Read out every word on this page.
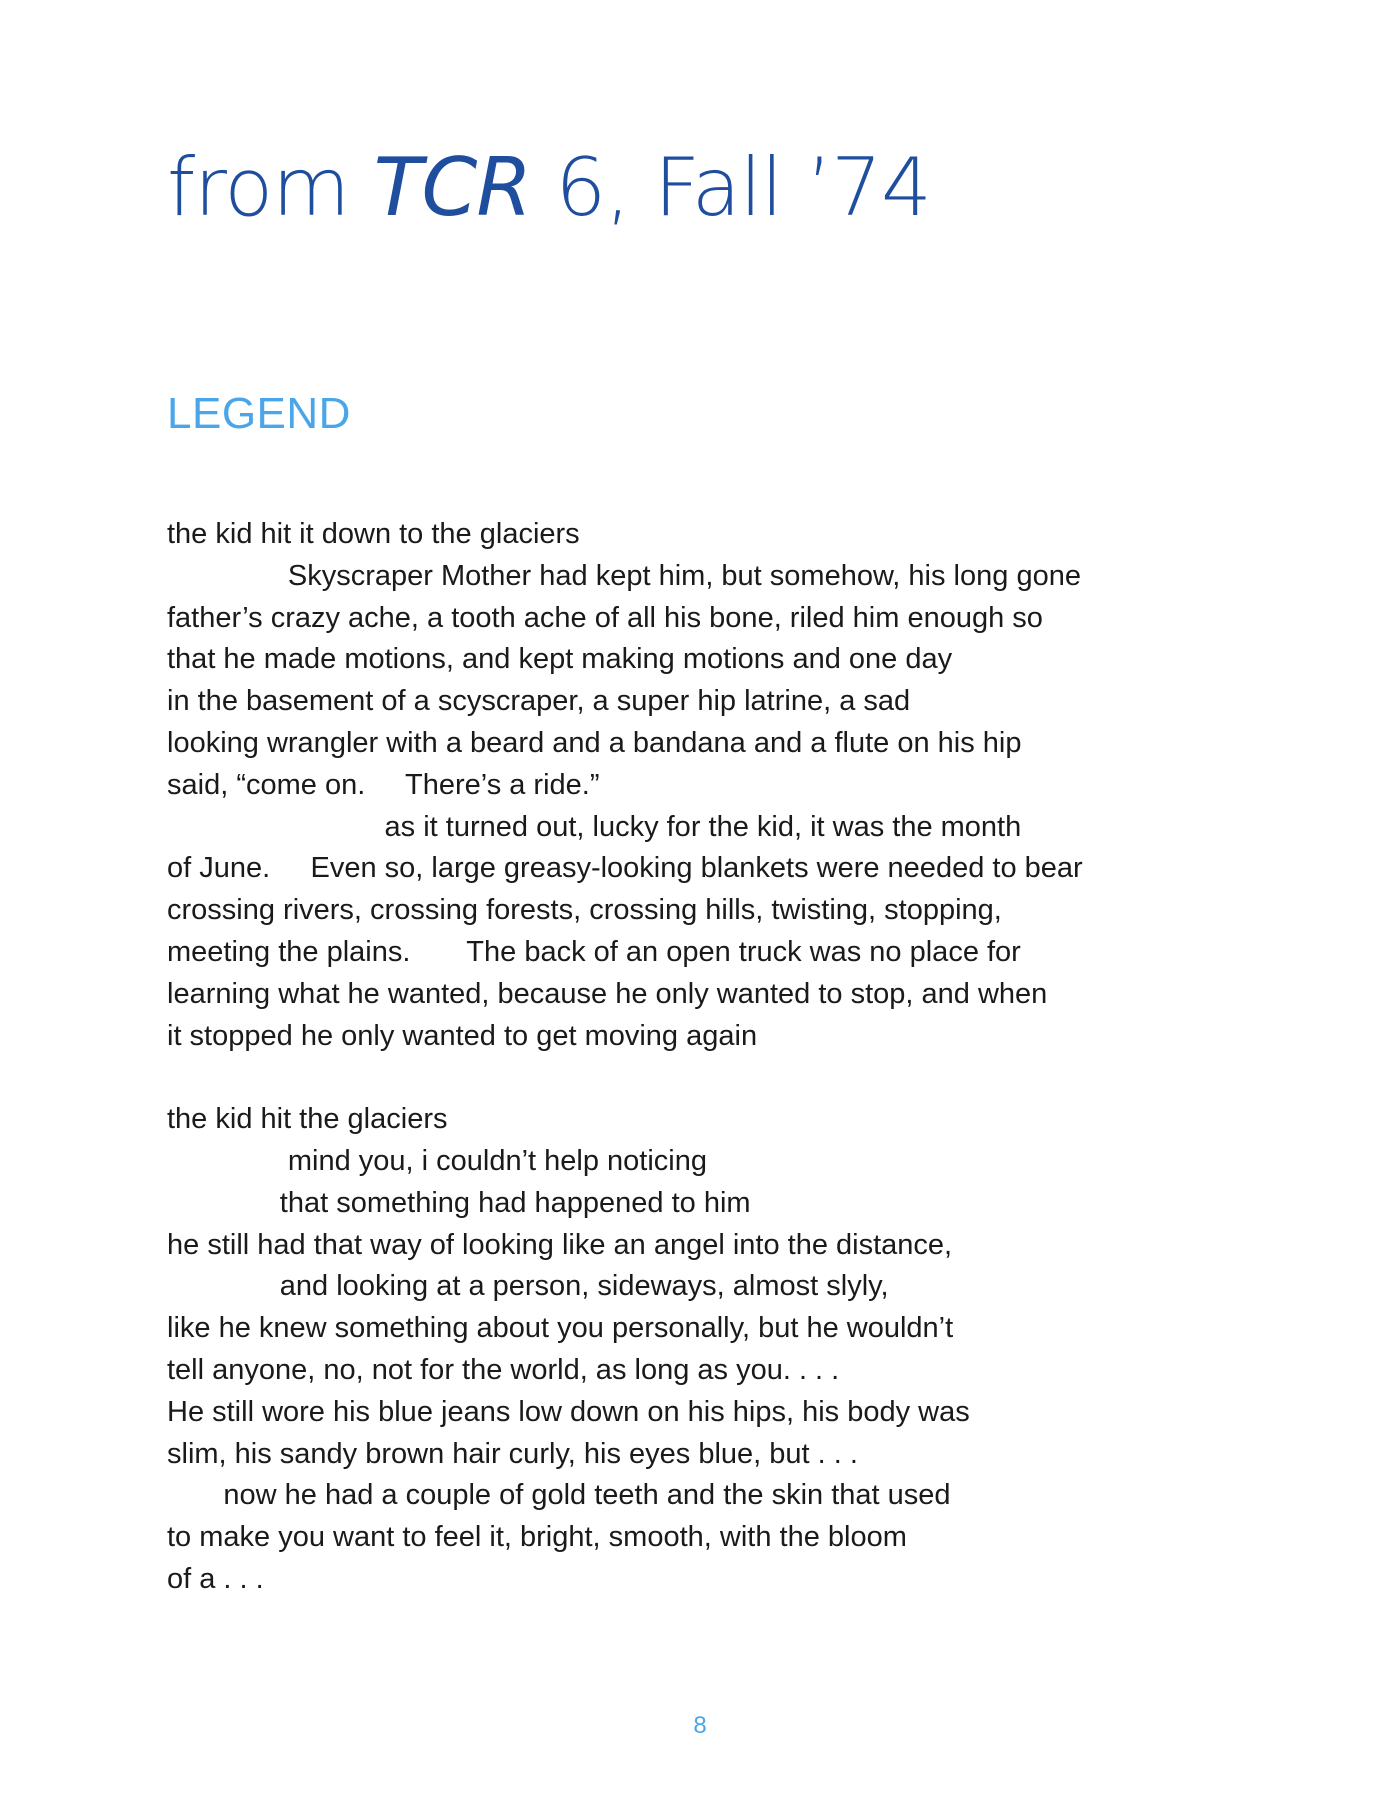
from TCR 6, Fall ’74
LEGEND
the kid hit it down to the glaciers
Skyscraper Mother had kept him, but somehow, his long gone
father’s crazy ache, a tooth ache of all his bone, riled him enough so
that he made motions, and kept making motions and one day
in the basement of a scyscraper, a super hip latrine, a sad
looking wrangler with a beard and a bandana and a flute on his hip
said, “come on.     There’s a ride.”
as it turned out, lucky for the kid, it was the month
of June.     Even so, large greasy-looking blankets were needed to bear
crossing rivers, crossing forests, crossing hills, twisting, stopping,
meeting the plains.       The back of an open truck was no place for
learning what he wanted, because he only wanted to stop, and when
it stopped he only wanted to get moving again
the kid hit the glaciers
mind you, i couldn’t help noticing
that something had happened to him
he still had that way of looking like an angel into the distance,
and looking at a person, sideways, almost slyly,
like he knew something about you personally, but he wouldn’t
tell anyone, no, not for the world, as long as you. . . .
He still wore his blue jeans low down on his hips, his body was
slim, his sandy brown hair curly, his eyes blue, but . . .
now he had a couple of gold teeth and the skin that used
to make you want to feel it, bright, smooth, with the bloom
of a . . .
8
